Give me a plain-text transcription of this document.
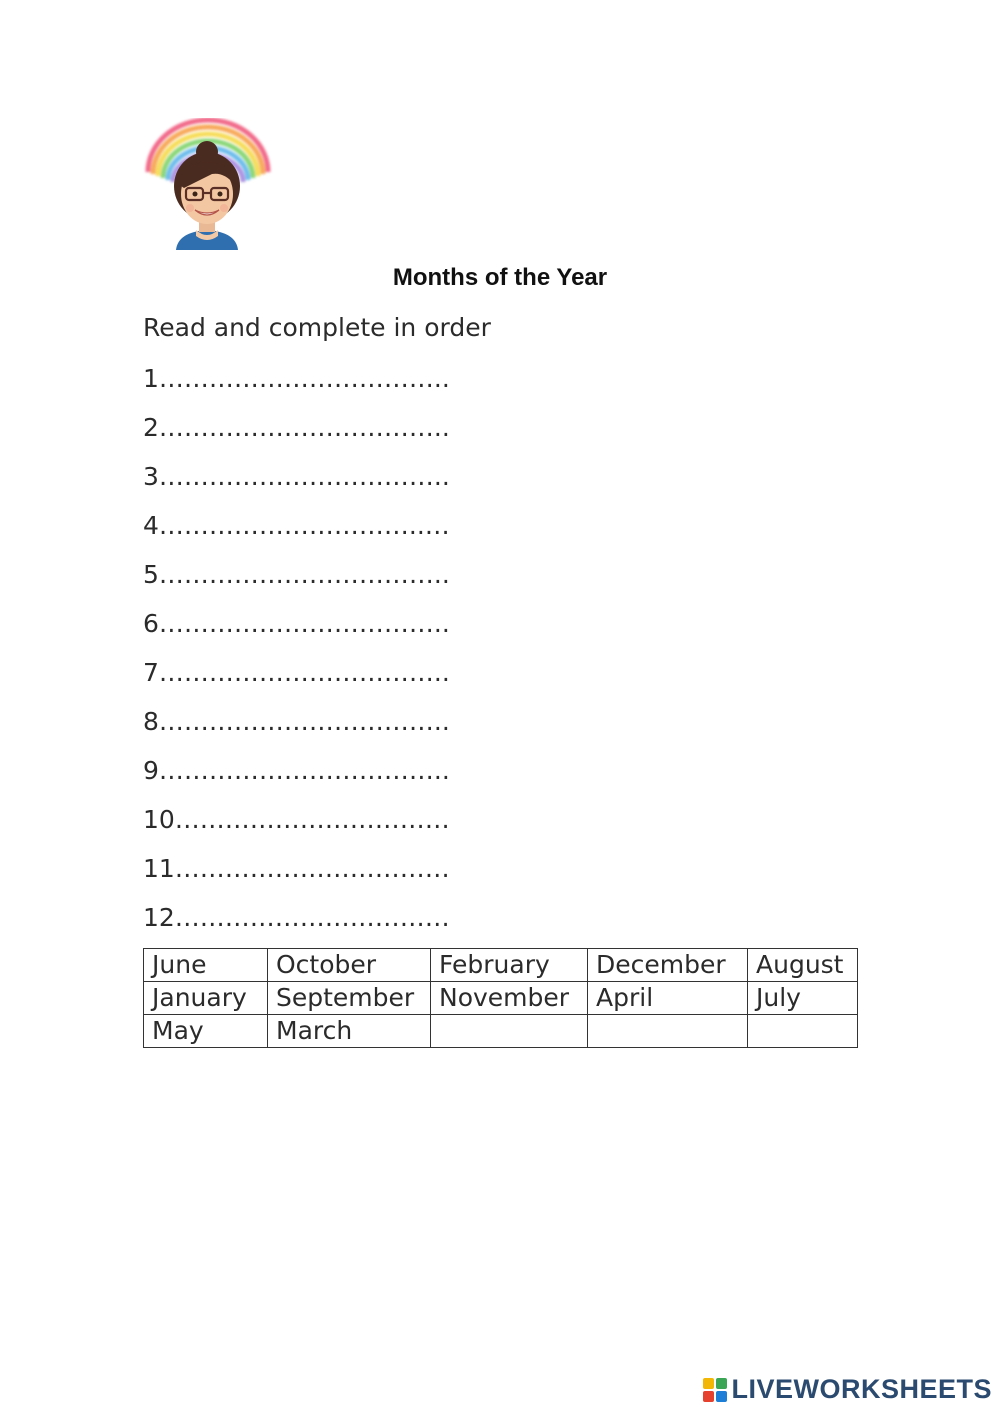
Months of the Year
Read and complete in order
1……………………………..
2……………………………..
3……………………………..
4…………………………..…
5……………………………..
6……………………………..
7……………………………..
8……………………………..
9……………………………..
10……………………………
11……………………………
12……………………………
June	October	February	December	August
January	September	November	April	July
May	March			
LIVEWORKSHEETS
